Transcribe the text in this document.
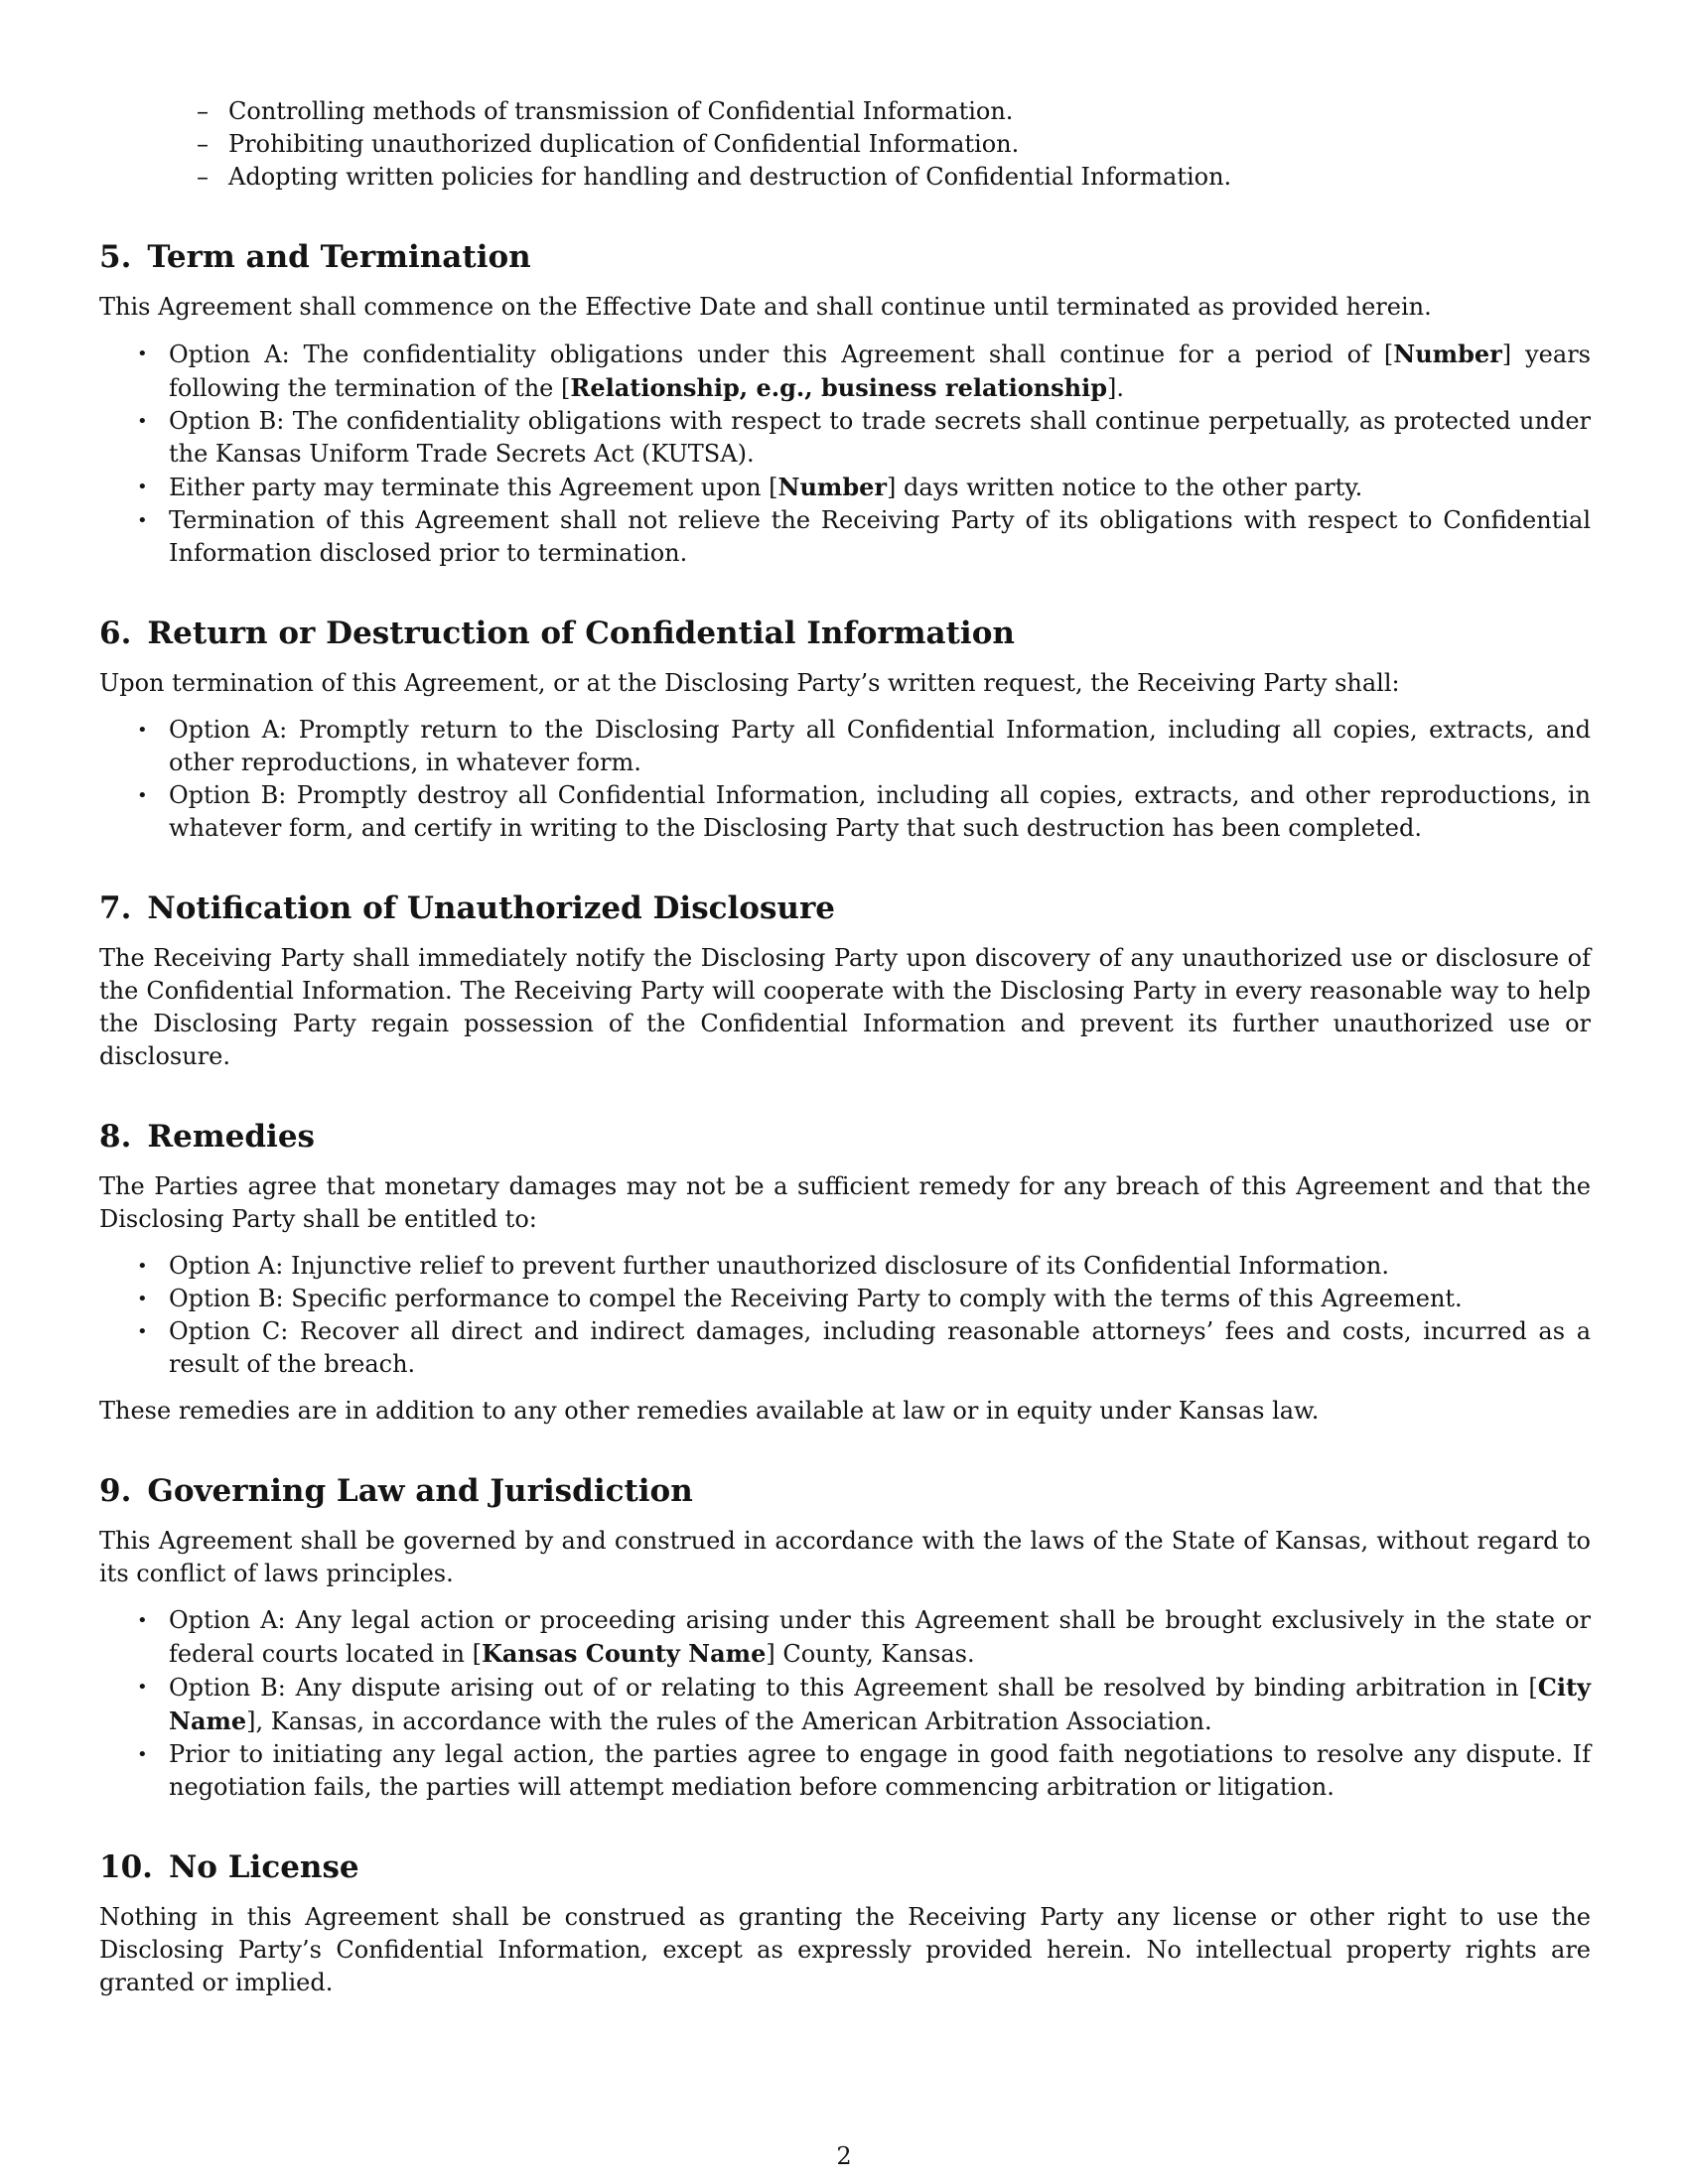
– Controlling methods of transmission of Confidential Information.
– Prohibiting unauthorized duplication of Confidential Information.
– Adopting written policies for handling and destruction of Confidential Information.
5. Term and Termination

This Agreement shall commence on the Effective Date and shall continue until terminated as provided herein.

• Option A: The confidentiality obligations under this Agreement shall continue for a period of [Number] years following the termination of the [Relationship, e.g., business relationship].
• Option B: The confidentiality obligations with respect to trade secrets shall continue perpetually, as protected under the Kansas Uniform Trade Secrets Act (KUTSA).
• Either party may terminate this Agreement upon [Number] days written notice to the other party.
• Termination of this Agreement shall not relieve the Receiving Party of its obligations with respect to Confidential Information disclosed prior to termination.
6. Return or Destruction of Confidential Information

Upon termination of this Agreement, or at the Disclosing Party’s written request, the Receiving Party shall:

• Option A: Promptly return to the Disclosing Party all Confidential Information, including all copies, extracts, and other reproductions, in whatever form.
• Option B: Promptly destroy all Confidential Information, including all copies, extracts, and other reproductions, in whatever form, and certify in writing to the Disclosing Party that such destruction has been completed.
7. Notification of Unauthorized Disclosure

The Receiving Party shall immediately notify the Disclosing Party upon discovery of any unauthorized use or disclosure of the Confidential Information. The Receiving Party will cooperate with the Disclosing Party in every reasonable way to help the Disclosing Party regain possession of the Confidential Information and prevent its further unauthorized use or disclosure.

8. Remedies

The Parties agree that monetary damages may not be a sufficient remedy for any breach of this Agreement and that the Disclosing Party shall be entitled to:

• Option A: Injunctive relief to prevent further unauthorized disclosure of its Confidential Information.
• Option B: Specific performance to compel the Receiving Party to comply with the terms of this Agreement.
• Option C: Recover all direct and indirect damages, including reasonable attorneys’ fees and costs, incurred as a result of the breach.

These remedies are in addition to any other remedies available at law or in equity under Kansas law.

9. Governing Law and Jurisdiction

This Agreement shall be governed by and construed in accordance with the laws of the State of Kansas, without regard to its conflict of laws principles.

• Option A: Any legal action or proceeding arising under this Agreement shall be brought exclusively in the state or federal courts located in [Kansas County Name] County, Kansas.
• Option B: Any dispute arising out of or relating to this Agreement shall be resolved by binding arbitration in [City Name], Kansas, in accordance with the rules of the American Arbitration Association.
• Prior to initiating any legal action, the parties agree to engage in good faith negotiations to resolve any dispute. If negotiation fails, the parties will attempt mediation before commencing arbitration or litigation.
10. No License

Nothing in this Agreement shall be construed as granting the Receiving Party any license or other right to use the Disclosing Party’s Confidential Information, except as expressly provided herein. No intellectual property rights are granted or implied.

2
